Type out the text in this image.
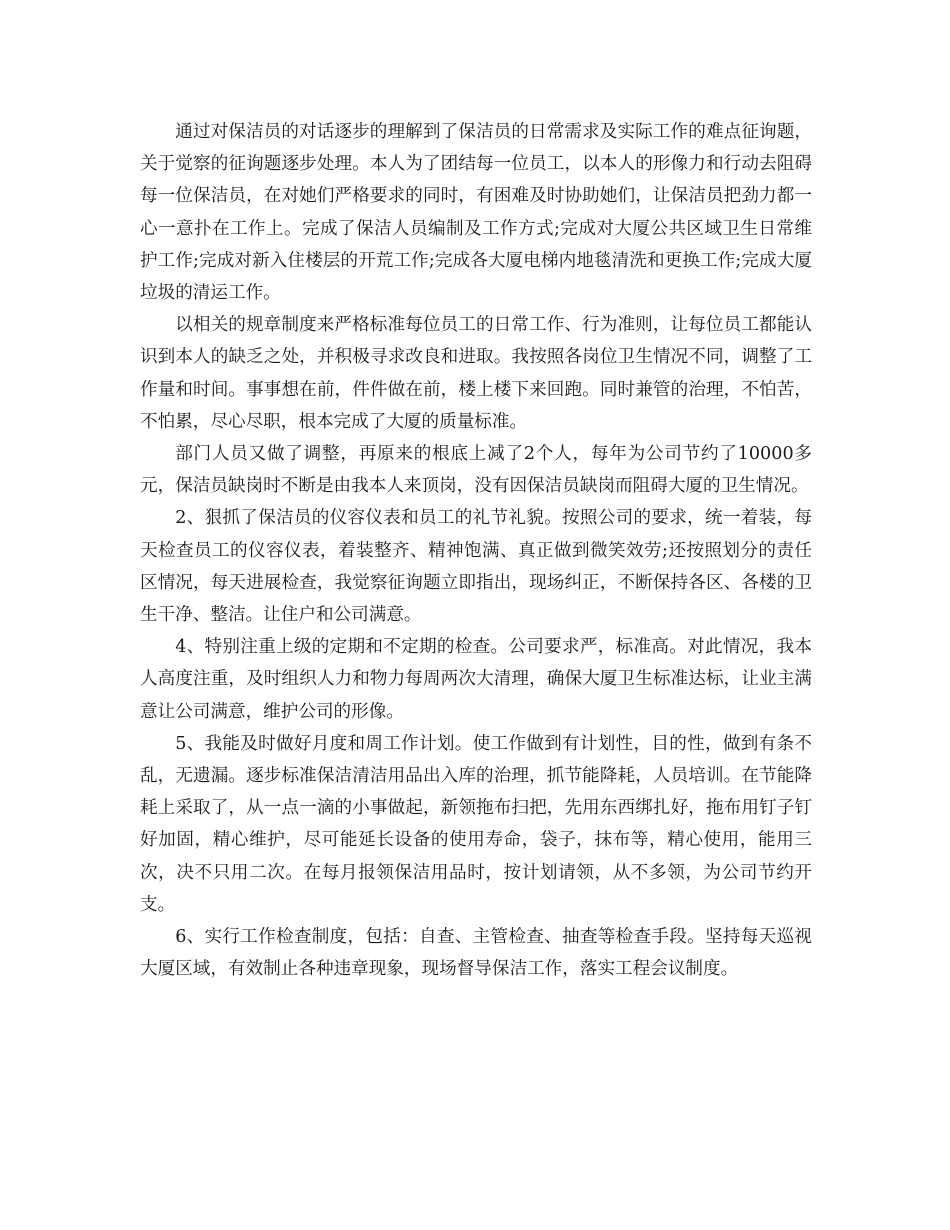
通过对保洁员的对话逐步的理解到了保洁员的日常需求及实际工作的难点征询题，关于觉察的征询题逐步处理。本人为了团结每一位员工，以本人的形像力和行动去阻碍每一位保洁员，在对她们严格要求的同时，有困难及时协助她们，让保洁员把劲力都一心一意扑在工作上。完成了保洁人员编制及工作方式;完成对大厦公共区域卫生日常维护工作;完成对新入住楼层的开荒工作;完成各大厦电梯内地毯清洗和更换工作;完成大厦垃圾的清运工作。

以相关的规章制度来严格标准每位员工的日常工作、行为准则，让每位员工都能认识到本人的缺乏之处，并积极寻求改良和进取。我按照各岗位卫生情况不同，调整了工作量和时间。事事想在前，件件做在前，楼上楼下来回跑。同时兼管的治理，不怕苦，不怕累，尽心尽职，根本完成了大厦的质量标准。

部门人员又做了调整，再原来的根底上减了2个人，每年为公司节约了10000多元，保洁员缺岗时不断是由我本人来顶岗，没有因保洁员缺岗而阻碍大厦的卫生情况。

2、狠抓了保洁员的仪容仪表和员工的礼节礼貌。按照公司的要求，统一着装，每天检查员工的仪容仪表，着装整齐、精神饱满、真正做到微笑效劳;还按照划分的责任区情况，每天进展检查，我觉察征询题立即指出，现场纠正，不断保持各区、各楼的卫生干净、整洁。让住户和公司满意。

4、特别注重上级的定期和不定期的检查。公司要求严，标准高。对此情况，我本人高度注重，及时组织人力和物力每周两次大清理，确保大厦卫生标准达标，让业主满意让公司满意，维护公司的形像。

5、我能及时做好月度和周工作计划。使工作做到有计划性，目的性，做到有条不乱，无遗漏。逐步标准保洁清洁用品出入库的治理，抓节能降耗，人员培训。在节能降耗上采取了，从一点一滴的小事做起，新领拖布扫把，先用东西绑扎好，拖布用钉子钉好加固，精心维护，尽可能延长设备的使用寿命，袋子，抹布等，精心使用，能用三次，决不只用二次。在每月报领保洁用品时，按计划请领，从不多领，为公司节约开支。

6、实行工作检查制度，包括：自查、主管检查、抽查等检查手段。坚持每天巡视大厦区域，有效制止各种违章现象，现场督导保洁工作，落实工程会议制度。
